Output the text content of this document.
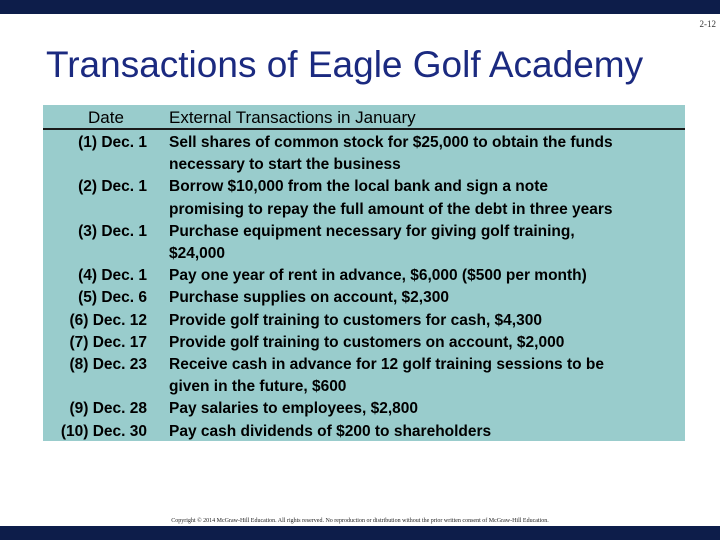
2-12
Transactions of Eagle Golf Academy
Date	External Transactions in January
(1) Dec. 1 Sell shares of common stock for $25,000 to obtain the funds
necessary to start the business
(2) Dec. 1 Borrow $10,000 from the local bank and sign a note
promising to repay the full amount of the debt in three years
(3) Dec. 1 Purchase equipment necessary for giving golf training,
$24,000
(4) Dec. 1 Pay one year of rent in advance, $6,000 ($500 per month)
(5) Dec. 6 Purchase supplies on account, $2,300
(6) Dec. 12 Provide golf training to customers for cash, $4,300
(7) Dec. 17 Provide golf training to customers on account, $2,000
(8) Dec. 23 Receive cash in advance for 12 golf training sessions to be
given in the future, $600
(9) Dec. 28 Pay salaries to employees, $2,800
(10) Dec. 30 Pay cash dividends of $200 to shareholders
Copyright © 2014 McGraw-Hill Education. All rights reserved. No reproduction or distribution without the prior written consent of McGraw-Hill Education.
